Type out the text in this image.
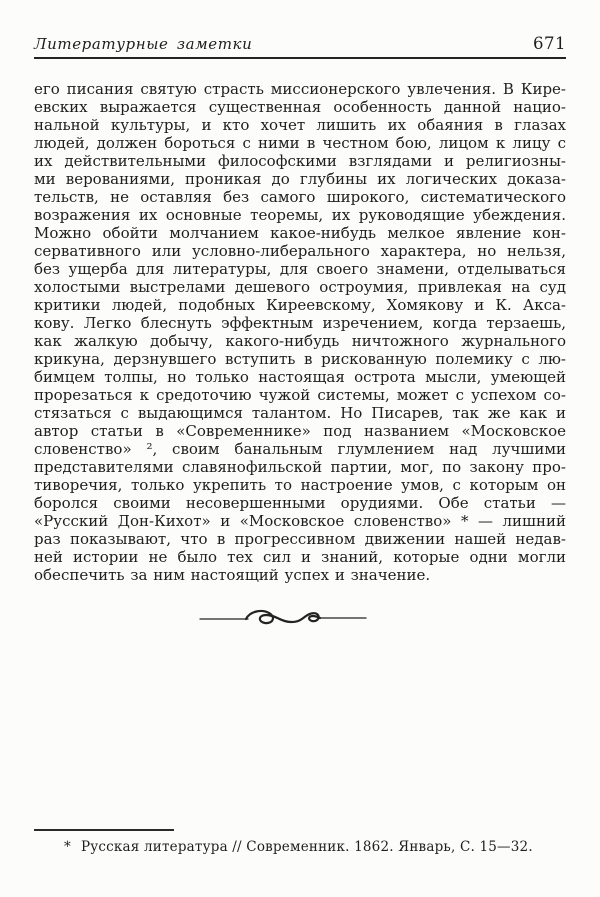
Литературные заметки	671
его писания святую страсть миссионерского увлечения. В Кире-
евских выражается существенная особенность данной нацио-
нальной культуры, и кто хочет лишить их обаяния в глазах
людей, должен бороться с ними в честном бою, лицом к лицу с
их действительными философскими взглядами и религиозны-
ми верованиями, проникая до глубины их логических доказа-
тельств, не оставляя без самого широкого, систематического
возражения их основные теоремы, их руководящие убеждения.
Можно обойти молчанием какое-нибудь мелкое явление кон-
сервативного или условно-либерального характера, но нельзя,
без ущерба для литературы, для своего знамени, отделываться
холостыми выстрелами дешевого остроумия, привлекая на суд
критики людей, подобных Киреевскому, Хомякову и К. Акса-
кову. Легко блеснуть эффектным изречением, когда терзаешь,
как жалкую добычу, какого-нибудь ничтожного журнального
крикуна, дерзнувшего вступить в рискованную полемику с лю-
бимцем толпы, но только настоящая острота мысли, умеющей
прорезаться к средоточию чужой системы, может с успехом со-
стязаться с выдающимся талантом. Но Писарев, так же как и
автор статьи в «Современнике» под названием «Московское
словенство» ², своим банальным глумлением над лучшими
представителями славянофильской партии, мог, по закону про-
тиворечия, только укрепить то настроение умов, с которым он
боролся своими несовершенными орудиями. Обе статьи —
«Русский Дон-Кихот» и «Московское словенство» * — лишний
раз показывают, что в прогрессивном движении нашей недав-
ней истории не было тех сил и знаний, которые одни могли
обеспечить за ним настоящий успех и значение.
* Русская литература // Современник. 1862. Январь, С. 15—32.
